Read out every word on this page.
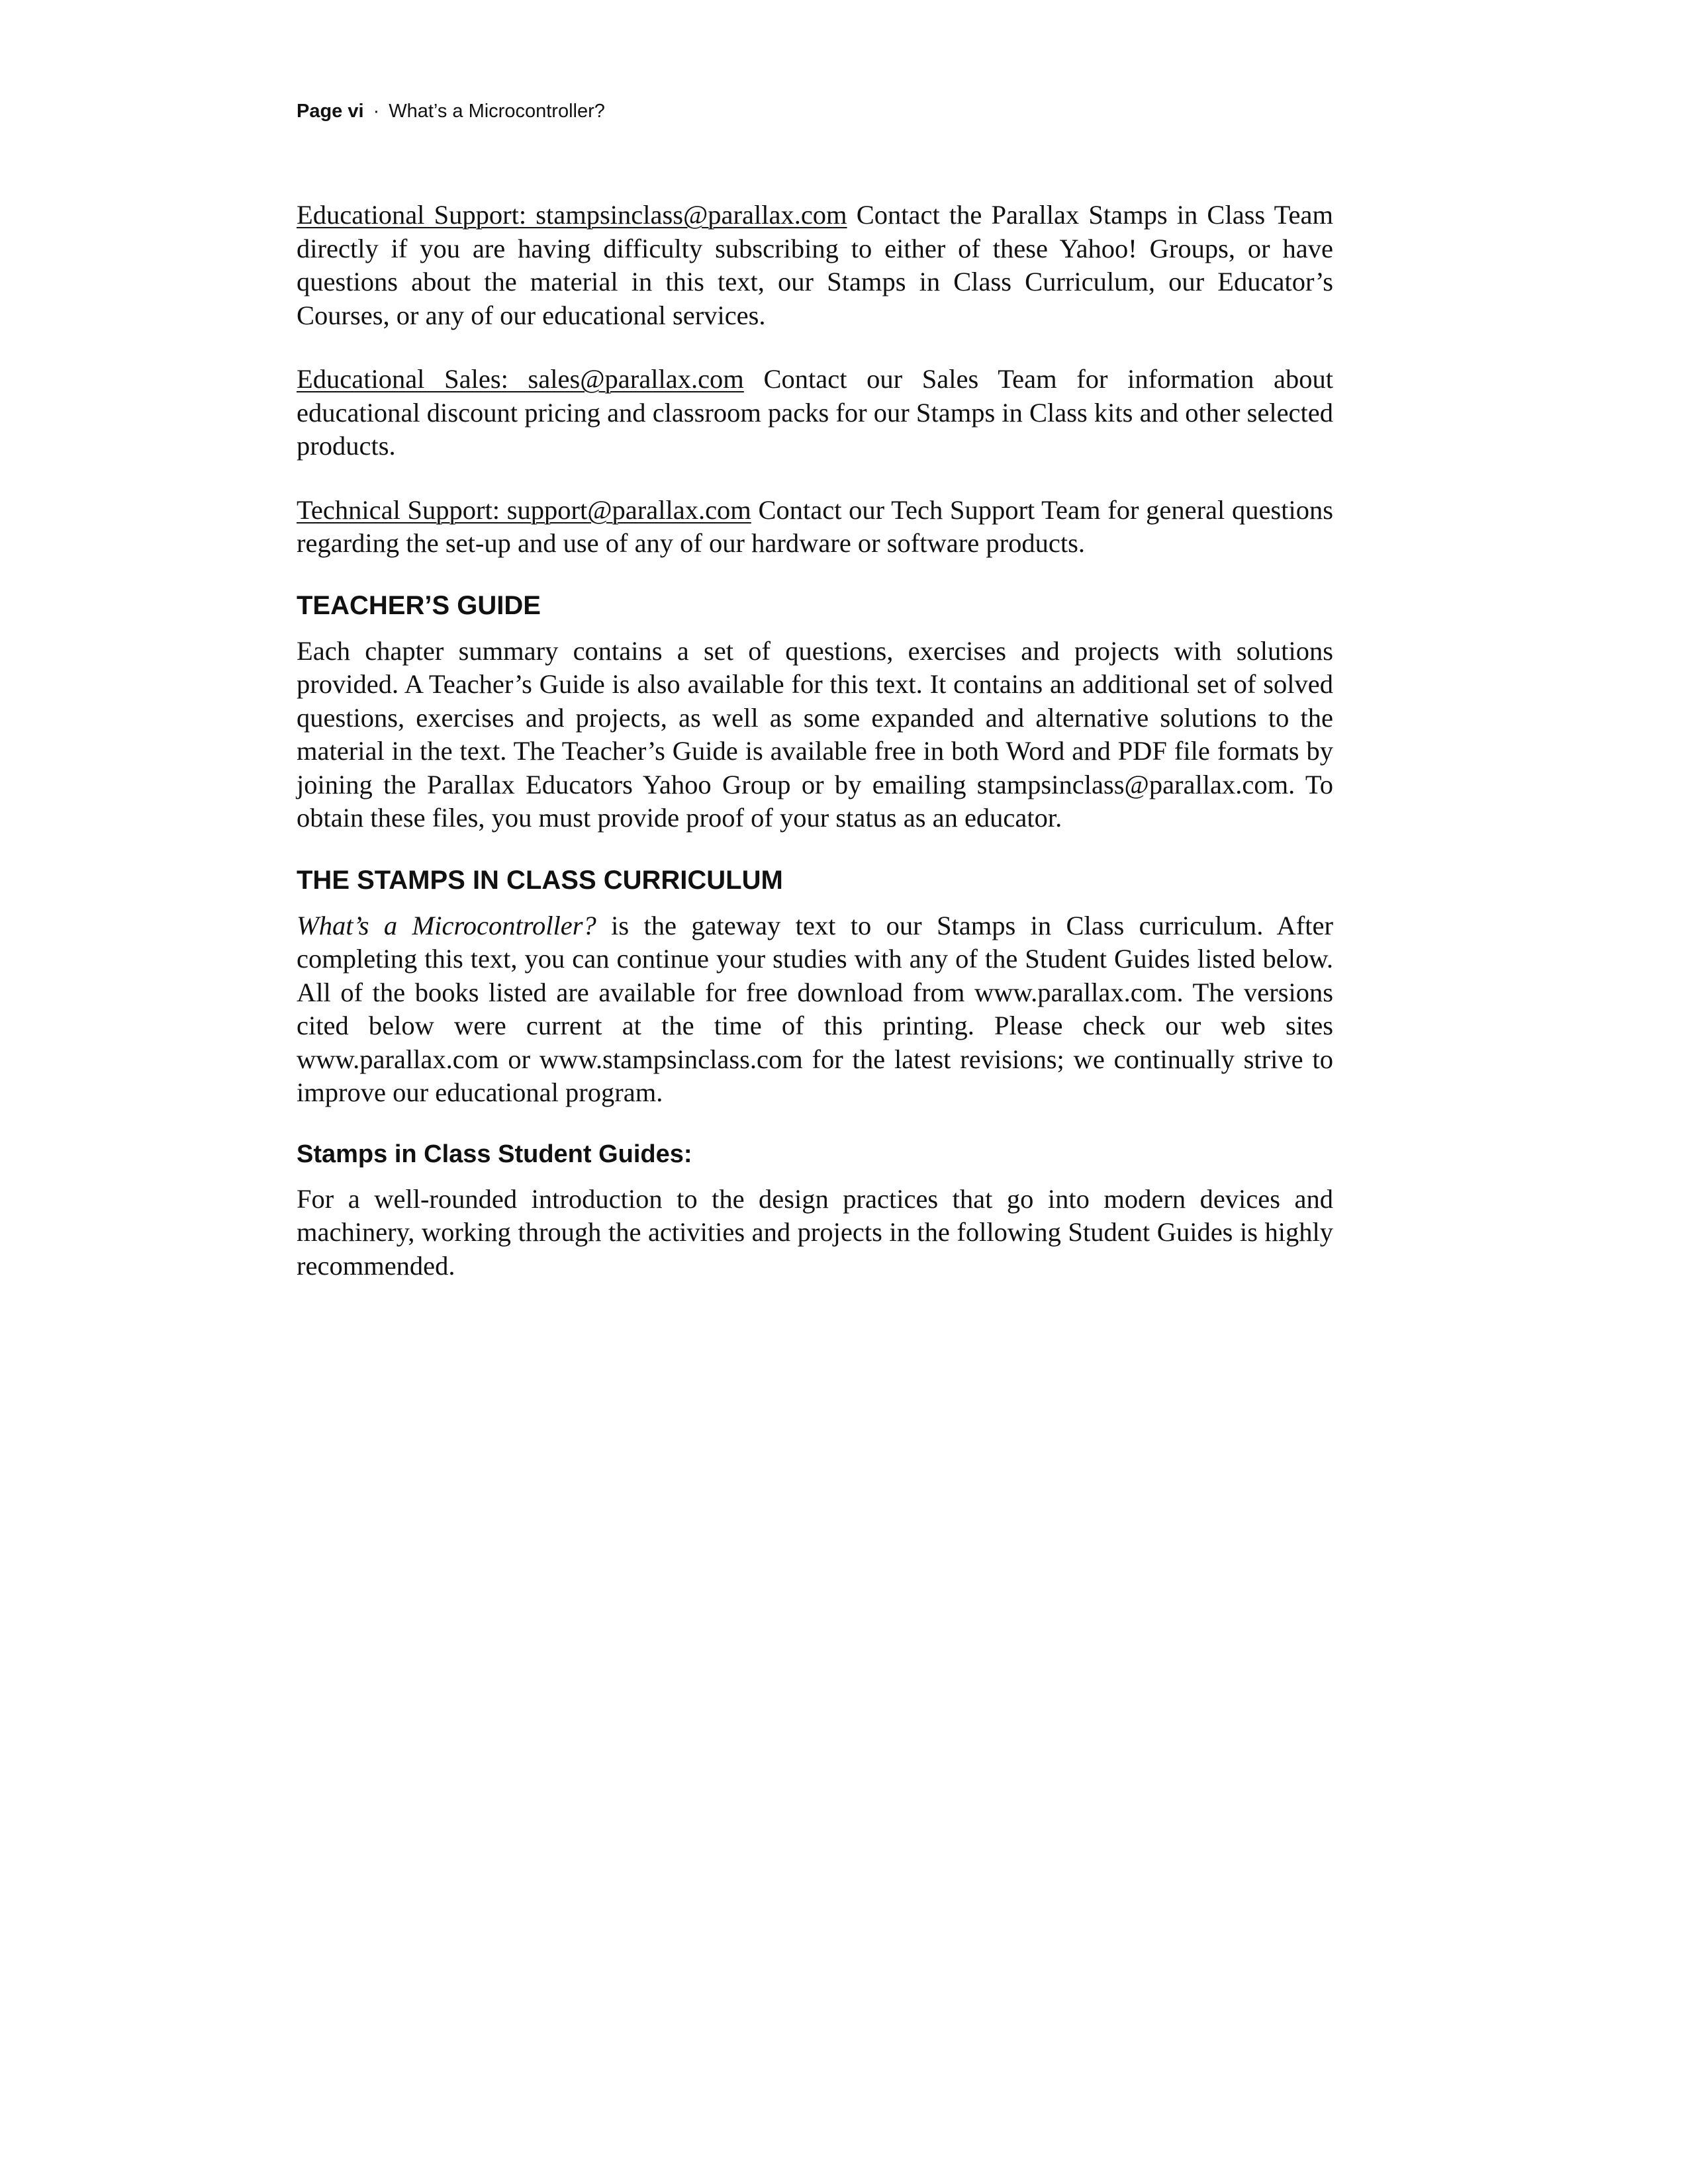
Page vi · What’s a Microcontroller?

Educational Support: stampsinclass@parallax.com Contact the Parallax Stamps in Class Team directly if you are having difficulty subscribing to either of these Yahoo! Groups, or have questions about the material in this text, our Stamps in Class Curriculum, our Educator’s Courses, or any of our educational services.

Educational Sales: sales@parallax.com Contact our Sales Team for information about educational discount pricing and classroom packs for our Stamps in Class kits and other selected products.

Technical Support: support@parallax.com Contact our Tech Support Team for general questions regarding the set-up and use of any of our hardware or software products.

TEACHER’S GUIDE

Each chapter summary contains a set of questions, exercises and projects with solutions provided. A Teacher’s Guide is also available for this text. It contains an additional set of solved questions, exercises and projects, as well as some expanded and alternative solutions to the material in the text. The Teacher’s Guide is available free in both Word and PDF file formats by joining the Parallax Educators Yahoo Group or by emailing stampsinclass@parallax.com. To obtain these files, you must provide proof of your status as an educator.

THE STAMPS IN CLASS CURRICULUM

What’s a Microcontroller? is the gateway text to our Stamps in Class curriculum. After completing this text, you can continue your studies with any of the Student Guides listed below. All of the books listed are available for free download from www.parallax.com. The versions cited below were current at the time of this printing. Please check our web sites www.parallax.com or www.stampsinclass.com for the latest revisions; we continually strive to improve our educational program.

Stamps in Class Student Guides:

For a well-rounded introduction to the design practices that go into modern devices and machinery, working through the activities and projects in the following Student Guides is highly recommended.
